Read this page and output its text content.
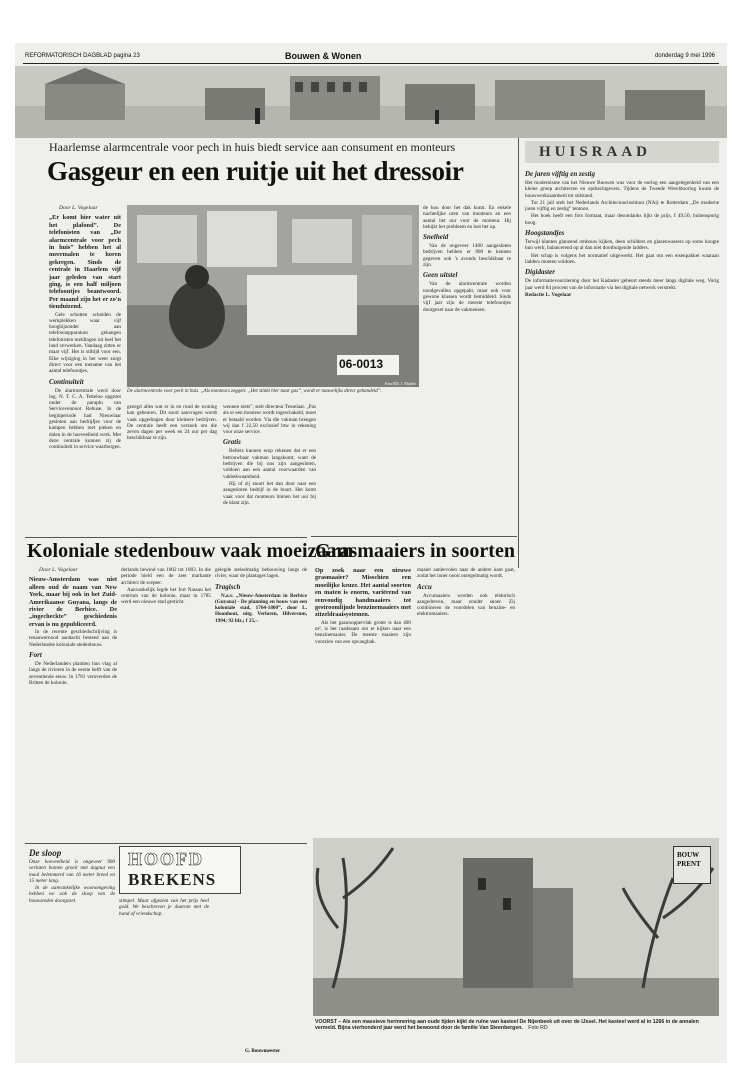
REFORMATORISCH DAGBLAD pagina 23	Bouwen & Wonen	donderdag 9 mei 1996
Haarlemse alarmcentrale voor pech in huis biedt service aan consument en monteurs
Gasgeur en een ruitje uit het dressoir
Door L. Vogelaar

„Er komt hier water uit het plafond”. De telefonisten van „De alarmcentrale voor pech in huis” hebben het al meermalen te horen gekregen. Sinds de centrale in Haarlem vijf jaar geleden van start ging, is een half miljoen telefoontjes beantwoord. Per maand zijn het er zo'n tienduizend.

Gele schotten scheiden de werkplekken waar vijf hoogbijzonder aan telefoonapparatuur gehangen telefonisten meldingen uit heel het land verwerken. Vandaag zitten er maar vijf. Het is stiltijd voor een. Elke wijziging in het weer zorgt direct voor een toename van het aantal telefoontjes.

Continuïteit

De alarmcentrale werd door ing. N. T. C. A. Tetteloo opgezet onder de paraplu van Servicevennoot Rebuse. In de beginperiode had Nieuwlaar gesloten aan bedrijfjes voor de kampen hebben met pieken en dalen in de hoeveelheid werk. Met deze centrale kunnen zij de continuïteit in service waarborgen.

06-0013
Foto RD, J. Mulder
De alarmcentrale voor pech in huis. „Als monteurs zeggen: „Het stinkt hier naar gas”, wordt er nauwelijks direct gehandeld”.

gezegd alles wat er in en rond de woning kan gebeuren. Dit soort aanvragen wordt vaak opgedragen door kleinere bedrijven. De centrale heeft een verzoek om die zeven dagen per week en 24 uur per dag beschikbaar te zijn.

wennen niets”, stelt directeur Tesselaar. „Pas als er een monteur wordt ingeschakeld, moet er betaald worden. Via die vakman brengen wij dan f 22,50 exclusief btw in rekening voor onze service.

Gratis

Bellers kunnen erop rekenen dat er een betrouwbaar vakman langskomt, want de bedrijven die bij ons zijn aangesloten, voldoen aan een aantal voorwaarden van vakbekwaamheid.

Hij of zij stuurt het dan door naar een aangesloten bedrijf in de buurt. Het komt vaak voor dat monteurs binnen het uur bij de klant zijn.

de kou door het dak komt. En enkele nachtelijke uren van monteurs en een aantal het uur voor de monteur. Hij bekijkt het probleem en lost het op.

Snelheid

Van de ongeveer 1400 aangesloten bedrijven hebben er 800 te kennen gegeven ook 's avonds beschikbaar te zijn.

Geen uitstel

Van de alarmcentrale worden noodgevallen opgepakt, maar ook voor gewone klussen wordt bemiddeld. Sinds vijf jaar zijn de meeste telefoontjes doorgezet naar de vakmensen.

HUISRAAD
De jaren vijftig en zestig

Het modernisme van het Nieuwe Bouwen was voor de oorlog een aangelegenheid van een kleine groep architecten en opdrachtgevers. Tijdens de Tweede Wereldoorlog kwam de bouwwerkzaamheid tot stilstand.

Tot 21 juli stelt het Nederlands Architectuurinstituut (NAi) te Rotterdam „De moderne jaren vijftig en zestig” tentoon.

Het boek heeft een fors formaat, maar desondanks lijkt de prijs, f 49,50, buitensporig hoog.

Hoogstandjes

Terwijl klanten glanzend ombouw kijken, deen schilders en glazenwassers op soms hoogte hun werk, balancerend op al dan niet doorbuigende ladders.

Het schap is volgens het normatief uitgewerkt. Het gaat om een eisenpakket waaraan ladders moeten voldoen.

Digidaster

De informatievoorziening door het Kadaster gebeurt steeds meer langs digitale weg. Vorig jaar werd 84 procent van de informatie via het digitale netwerk verstrekt.

Redactie L. Vogelaar

Grasmaaiers in soorten

Op zoek naar een nieuwe grasmaaier? Misschien een moeilijke keuze. Het aantal soorten en maten is enorm, variërend van eenvoudig handmaaiers tot gestroomlijnde benzinemaaiers met zitzeldraaisystemen.

Als het gazonoppervlak groter is dan 400 m², is het raadzaam om te kijken naar een benzinemaaier. De meeste maaiers zijn voorzien van een opvangbak.

maaier aanbevolen naar de andere kant gaat, zodat het inner nooit onregelmatig wordt.

Accu

Accumaaiers worden ook elektrisch aangedreven, maar zonder snoer. Zij combineren de voordelen van benzine- en elektromaaiers.

Koloniale stedenbouw vaak moeizaam
Door L. Vogelaar

Nieuw-Amsterdam was niet alleen oud de naam van New York, maar bij ook in het Zuid-Amerikaanse Guyana, langs de rivier de Berbice. De „ingecheckte” geschiedenis ervan is nu gepubliceerd.

In de recente geschiedschrijving is tenauwernood aandacht besteed aan de Nederlandse koloniale stedenbouw.

Fort

De Nederlanders plantten hun vlag al langs de rivieren in de eerste helft van de zeventiende eeuw. In 1781 veroverden de Britten de kolonie.

derlands bewind van 1802 tot 1803. In die periode hield een de zeer markante architect de scepter.

Aanvankelijk legde het fort Nassau het centrum van de kolonie, maar in 1785 werd een nieuwe stad gesticht.

gelegde stelselmatig bebouwing langs de rivier, waar de plantages lagen.

Tragisch

N.a.v. „Nieuw-Amsterdam in Berbice (Guyana) - De planning en bouw van een koloniale stad, 1764-1800”, door L. Hoonhout, uitg. Verloren, Hilversum, 1994; 92 blz.; f 25,-.

HOOFD
BREKENS
De sloop

Onze hoeveelheid is ongeveer 900 verlaten bomen groeit met dagnut een maal belemmerd van 16 meter breed en 15 meter lang.

In de aanvankelijke woonomgeving hebben we ook de sloop van de bouwsteden doorgezet.	stimpel. Maar afgezien van het prijs heel gold. We beschreven je daarom met de hand of vriendschap.

G. Bouwmeester
BOUW PRENT
VOORST – Als een massieve herinnering aan oude tijden kijkt de ruïne van kasteel De Nijenbeek uit over de IJssel. Het kasteel werd al in 1266 in de annalen vermeld. Bijna vierhonderd jaar werd het bewoond door de familie Van Steenbergen. Foto RD
